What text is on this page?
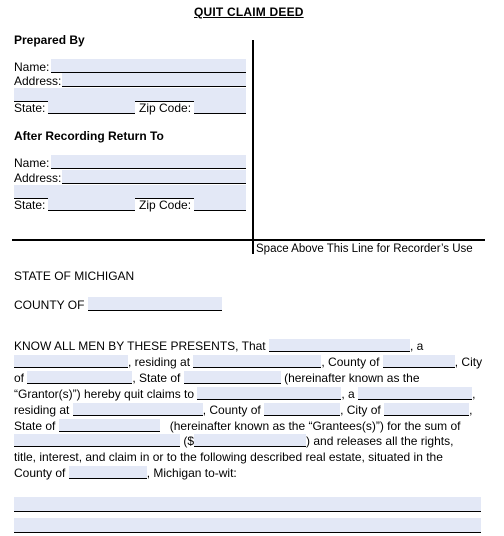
QUIT CLAIM DEED
Prepared By
Name:
Address:
State:	Zip Code:
After Recording Return To
Name:
Address:
State:	Zip Code:
Space Above This Line for Recorder’s Use
STATE OF MICHIGAN
COUNTY OF
KNOW ALL MEN BY THESE PRESENTS, That	, a
, residing at	, County of	, City
of	, State of	(hereinafter known as the
“Grantor(s)”) hereby quit claims to	, a	,
residing at	, County of	, City of	,
State of	(hereinafter known as the “Grantees(s)”) for the sum of
($	) and releases all the rights,
title, interest, and claim in or to the following described real estate, situated in the
County of	, Michigan to-wit:
